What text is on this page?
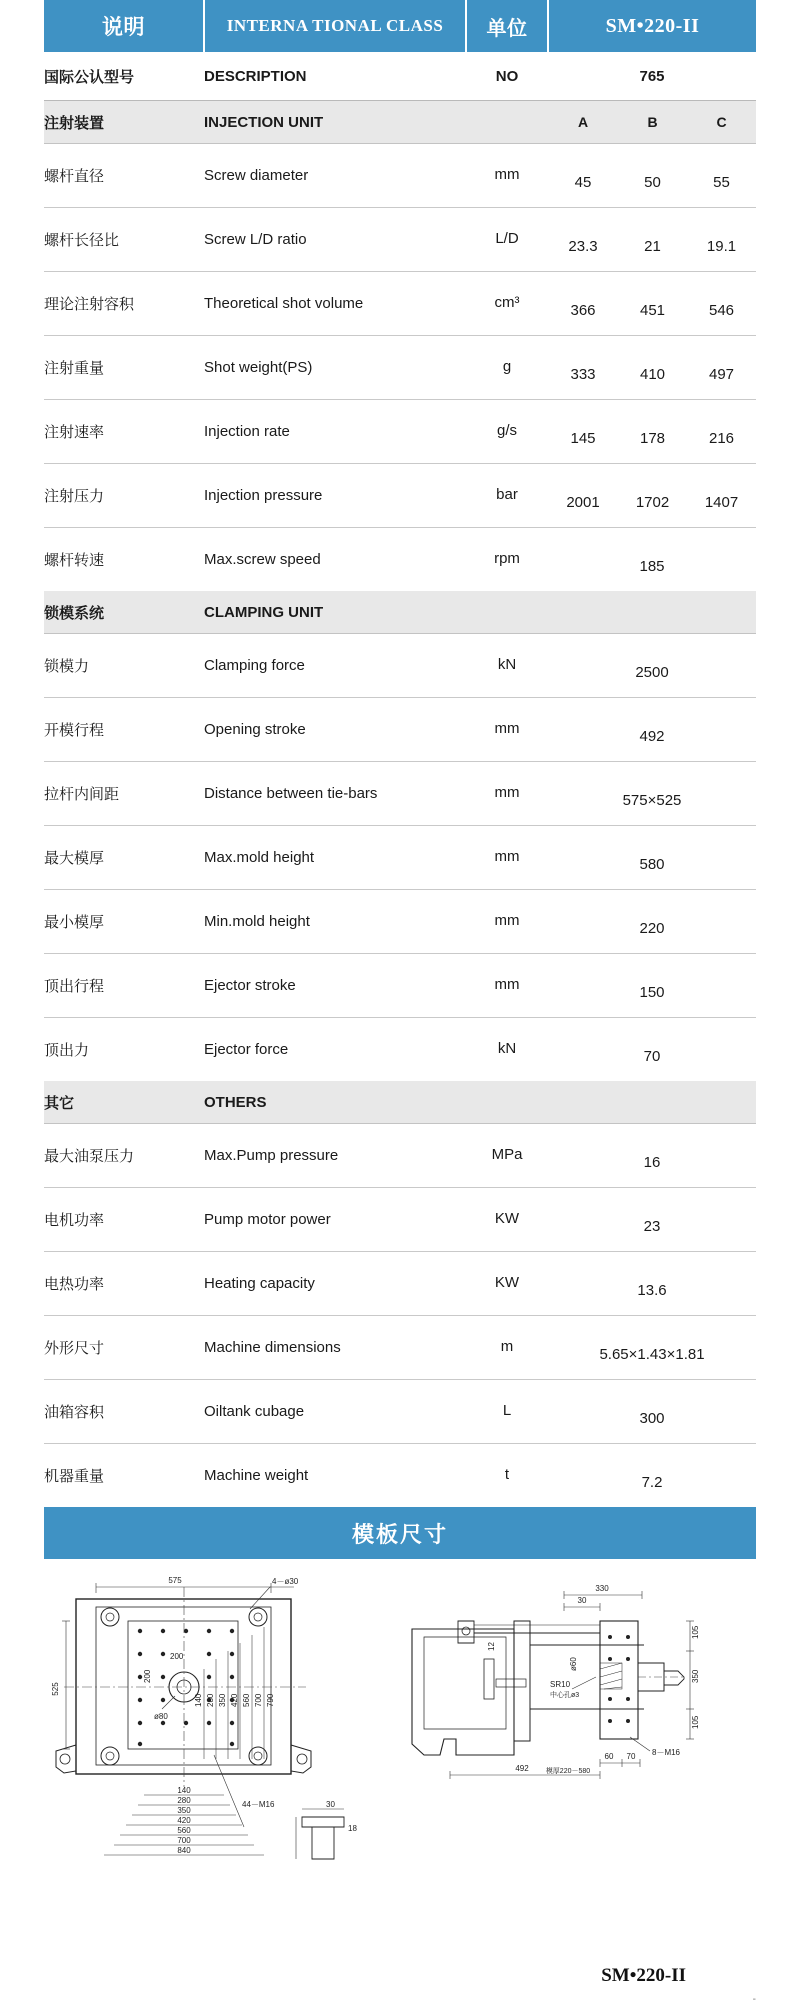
说明	INTERNA TIONAL CLASS	单位	SM•220-II		
国际公认型号	DESCRIPTION	NO	765		
注射装置	INJECTION UNIT		A	B	C
螺杆直径	Screw diameter	mm	45	50	55
螺杆长径比	Screw L/D ratio	L/D	23.3	21	19.1
理论注射容积	Theoretical shot volume	cm³	366	451	546
注射重量	Shot weight(PS)	g	333	410	497
注射速率	Injection rate	g/s	145	178	216
注射压力	Injection pressure	bar	2001	1702	1407
螺杆转速	Max.screw speed	rpm	185		
锁模系统	CLAMPING UNIT				
锁模力	Clamping force	kN	2500		
开模行程	Opening stroke	mm	492		
拉杆内间距	Distance between tie-bars	mm	575×525		
最大模厚	Max.mold height	mm	580		
最小模厚	Min.mold height	mm	220		
顶出行程	Ejector stroke	mm	150		
顶出力	Ejector force	kN	70		
其它	OTHERS				
最大油泵压力	Max.Pump pressure	MPa	16		
电机功率	Pump motor power	KW	23		
电热功率	Heating capacity	KW	13.6		
外形尺寸	Machine dimensions	m	5.65×1.43×1.81		
油箱容积	Oiltank cubage	L	300		
机器重量	Machine weight	t	7.2		
模板尺寸
575
525
4－ø30
ø80
200
200
140 280 350 420 560 700 790
140
280
350
420
560
700
840
44－M16	30
18
330
30
105
350
105
492
60 70 8－M16
模厚220－580
SR10
中心孔ø3
ø60
12
SM•220-II
-
